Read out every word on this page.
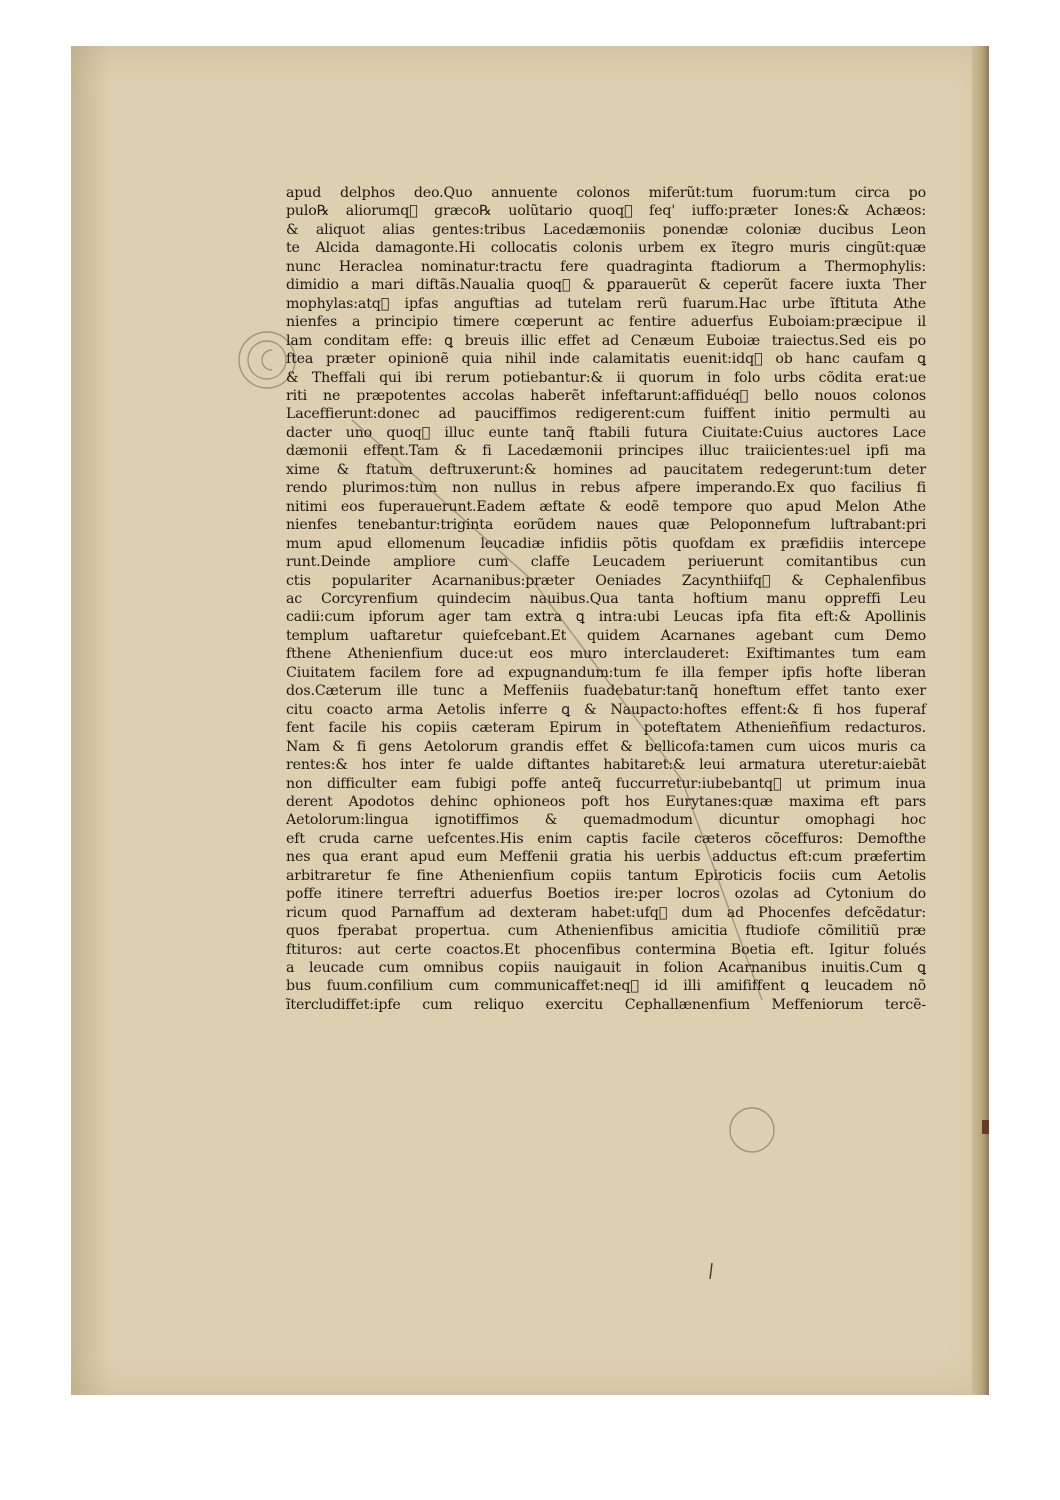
apud delphos deo.Quo annuente colonos miferũt:tum fuorum:tum circa po
pulo℞ aliorumq᷑ græco℞ uolũtario quoq᷑ feq' iuffo:præter Iones:& Achæos:
& aliquot alias gentes:tribus Lacedæmoniis ponendæ coloniæ ducibus Leon
te Alcida damagonte.Hi collocatis colonis urbem ex ĩtegro muris cingũt:quæ
nunc Heraclea nominatur:tractu fere quadraginta ftadiorum a Thermophylis:
dimidio a mari diftãs.Naualia quoq᷑ & ꝑparauerũt & ceperũt facere iuxta Ther
mophylas:atq᷑ ipfas anguftias ad tutelam rerũ fuarum.Hac urbe ĩftituta Athe
nienfes a principio timere cœperunt ac fentire aduerfus Euboiam:præcipue il
lam conditam effe: ꝗ breuis illic effet ad Cenæum Euboiæ traiectus.Sed eis po
ftea præter opinionẽ quia nihil inde calamitatis euenit:idq᷑ ob hanc caufam ꝗ
& Theffali qui ibi rerum potiebantur:& ii quorum in folo urbs cõdita erat:ue
riti ne præpotentes accolas haberẽt infeftarunt:affiduéq᷑ bello nouos colonos
Laceffierunt:donec ad pauciffimos redigerent:cum fuiffent initio permulti au
dacter uno quoq᷑ illuc eunte tanq̃ ftabili futura Ciuitate:Cuius auctores Lace
dæmonii effent.Tam & fi Lacedæmonii principes illuc traiicientes:uel ipfi ma
xime & ftatum deftruxerunt:& homines ad paucitatem redegerunt:tum deter
rendo plurimos:tum non nullus in rebus afpere imperando.Ex quo facilius fi
nitimi eos fuperauerunt.Eadem æftate & eodẽ tempore quo apud Melon Athe
nienfes tenebantur:triginta eorũdem naues quæ Peloponnefum luftrabant:pri
mum apud ellomenum leucadiæ infidiis põtis quofdam ex præfidiis intercepe
runt.Deinde ampliore cum claffe Leucadem periuerunt comitantibus cun
ctis populariter Acarnanibus:præter Oeniades Zacynthiifq᷑ & Cephalenfibus
ac Corcyrenfium quindecim nauibus.Qua tanta hoftium manu oppreffi Leu
cadii:cum ipforum ager tam extra ꝗ intra:ubi Leucas ipfa fita eft:& Apollinis
templum uaftaretur quiefcebant.Et quidem Acarnanes agebant cum Demo
fthene Athenienfium duce:ut eos muro interclauderet: Exiftimantes tum eam
Ciuitatem facilem fore ad expugnandum:tum fe illa femper ipfis hofte liberan
dos.Cæterum ille tunc a Meffeniis fuadebatur:tanq̃ honeftum effet tanto exer
citu coacto arma Aetolis inferre ꝗ & Naupacto:hoftes effent:& fi hos fuperaf
fent facile his copiis cæteram Epirum in poteftatem Athenieñfium redacturos.
Nam & fi gens Aetolorum grandis effet & bellicofa:tamen cum uicos muris ca
rentes:& hos inter fe ualde diftantes habitaret:& leui armatura uteretur:aiebãt
non difficulter eam fubigi poffe anteq̃ fuccurretur:iubebantq᷑ ut primum inua
derent Apodotos dehinc ophioneos poft hos Eurytanes:quæ maxima eft pars
Aetolorum:lingua ignotiffimos & quemadmodum dicuntur omophagi hoc
eft cruda carne uefcentes.His enim captis facile cæteros cõceffuros: Demofthe
nes qua erant apud eum Meffenii gratia his uerbis adductus eft:cum præfertim
arbitraretur fe fine Athenienfium copiis tantum Epiroticis fociis cum Aetolis
poffe itinere terreftri aduerfus Boetios ire:per locros ozolas ad Cytonium do
ricum quod Parnaffum ad dexteram habet:ufq᷑ dum ad Phocenfes defcẽdatur:
quos fperabat propertua. cum Athenienfibus amicitia ftudiofe cõmilitiũ præ
ftituros: aut certe coactos.Et phocenfibus contermina Boetia eft. Igitur folués
a leucade cum omnibus copiis nauigauit in folion Acarnanibus inuitis.Cum ꝗ
bus fuum.confilium cum communicaffet:neq᷑ id illi amififfent ꝗ leucadem nõ
ĩtercludiffet:ipfe cum reliquo exercitu Cephallænenfium Meffeniorum tercẽ-
